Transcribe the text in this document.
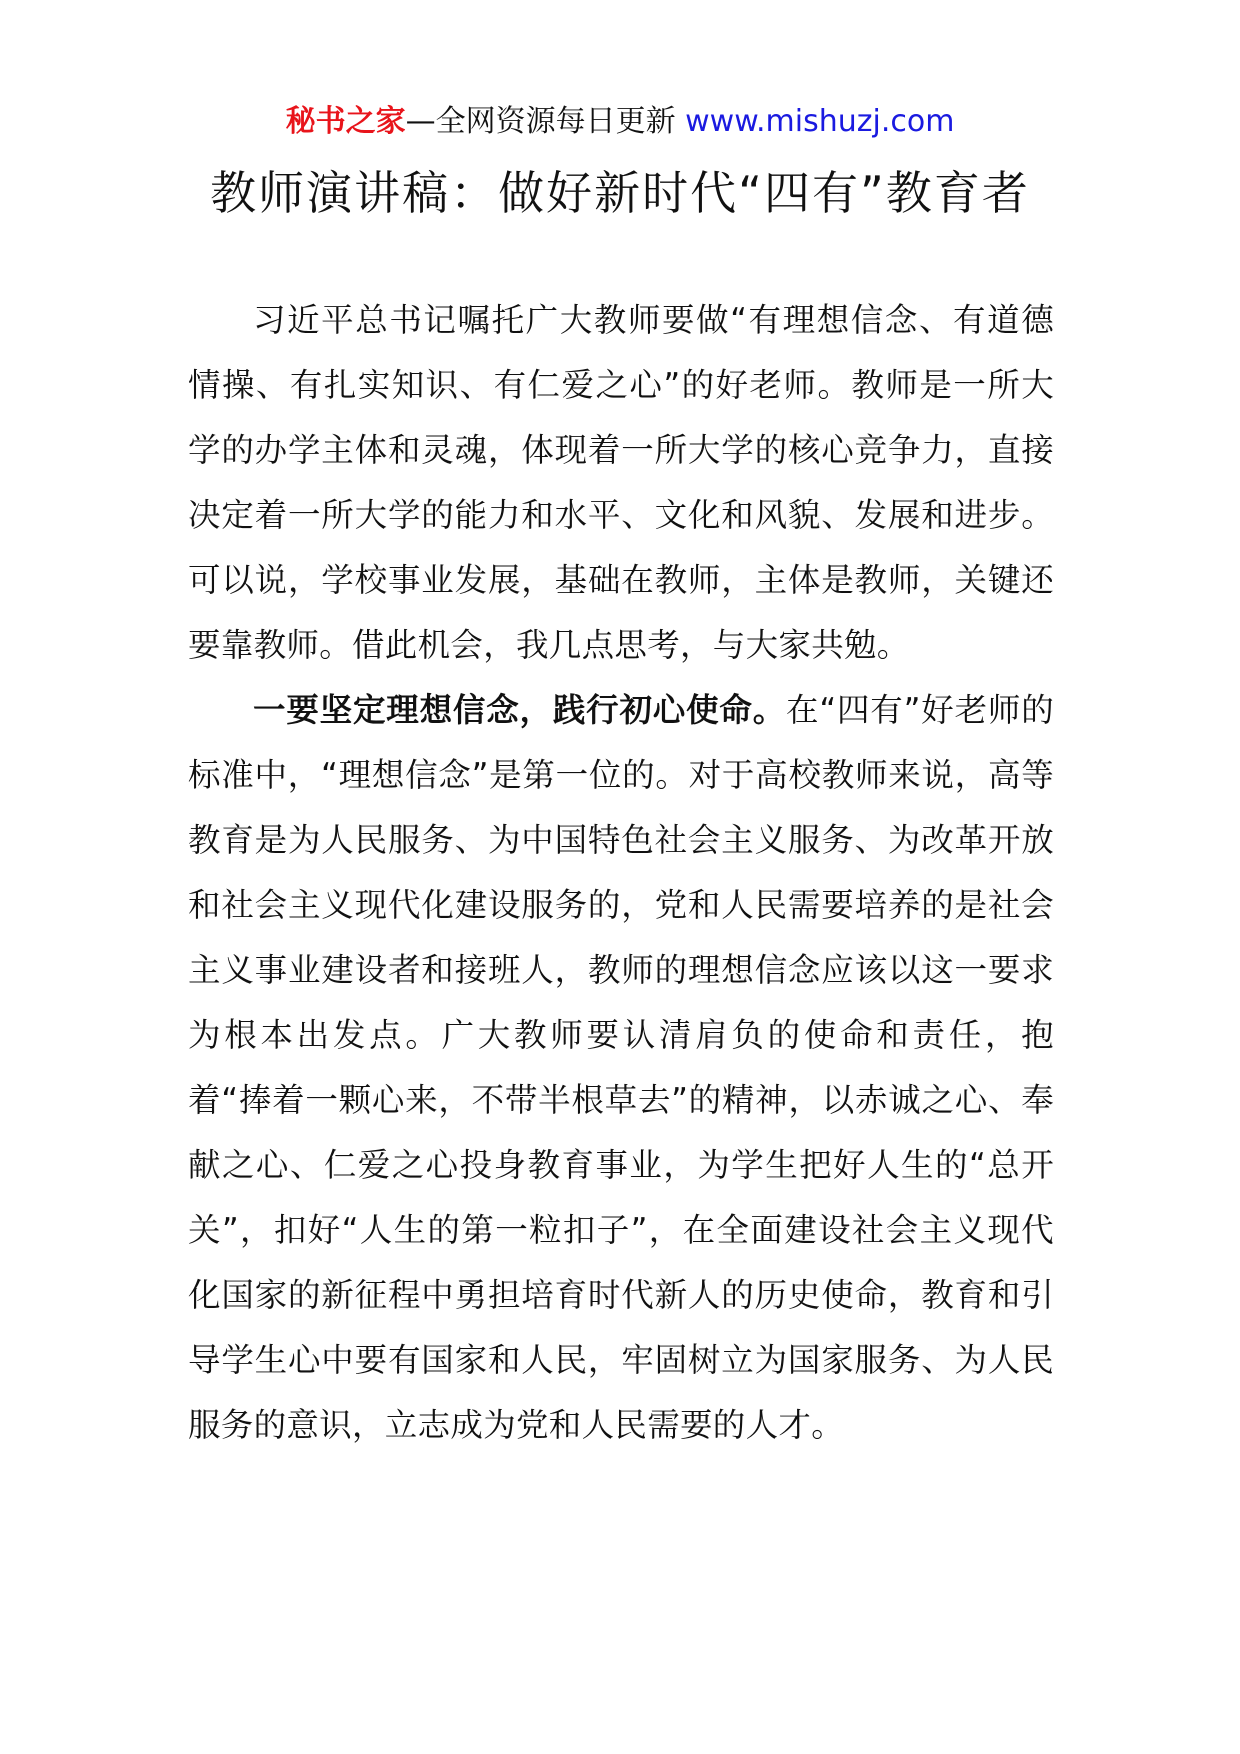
秘书之家—全网资源每日更新 www.mishuzj.com
教师演讲稿：做好新时代“四有”教育者

习近平总书记嘱托广大教师要做“有理想信念、有道德情操、有扎实知识、有仁爱之心”的好老师。教师是一所大学的办学主体和灵魂，体现着一所大学的核心竞争力，直接决定着一所大学的能力和水平、文化和风貌、发展和进步。可以说，学校事业发展，基础在教师，主体是教师，关键还要靠教师。借此机会，我几点思考，与大家共勉。

一要坚定理想信念，践行初心使命。在“四有”好老师的标准中，“理想信念”是第一位的。对于高校教师来说，高等教育是为人民服务、为中国特色社会主义服务、为改革开放和社会主义现代化建设服务的，党和人民需要培养的是社会主义事业建设者和接班人，教师的理想信念应该以这一要求为根本出发点。广大教师要认清肩负的使命和责任，抱着“捧着一颗心来，不带半根草去”的精神，以赤诚之心、奉献之心、仁爱之心投身教育事业，为学生把好人生的“总开关”，扣好“人生的第一粒扣子”，在全面建设社会主义现代化国家的新征程中勇担培育时代新人的历史使命，教育和引导学生心中要有国家和人民，牢固树立为国家服务、为人民服务的意识，立志成为党和人民需要的人才。
